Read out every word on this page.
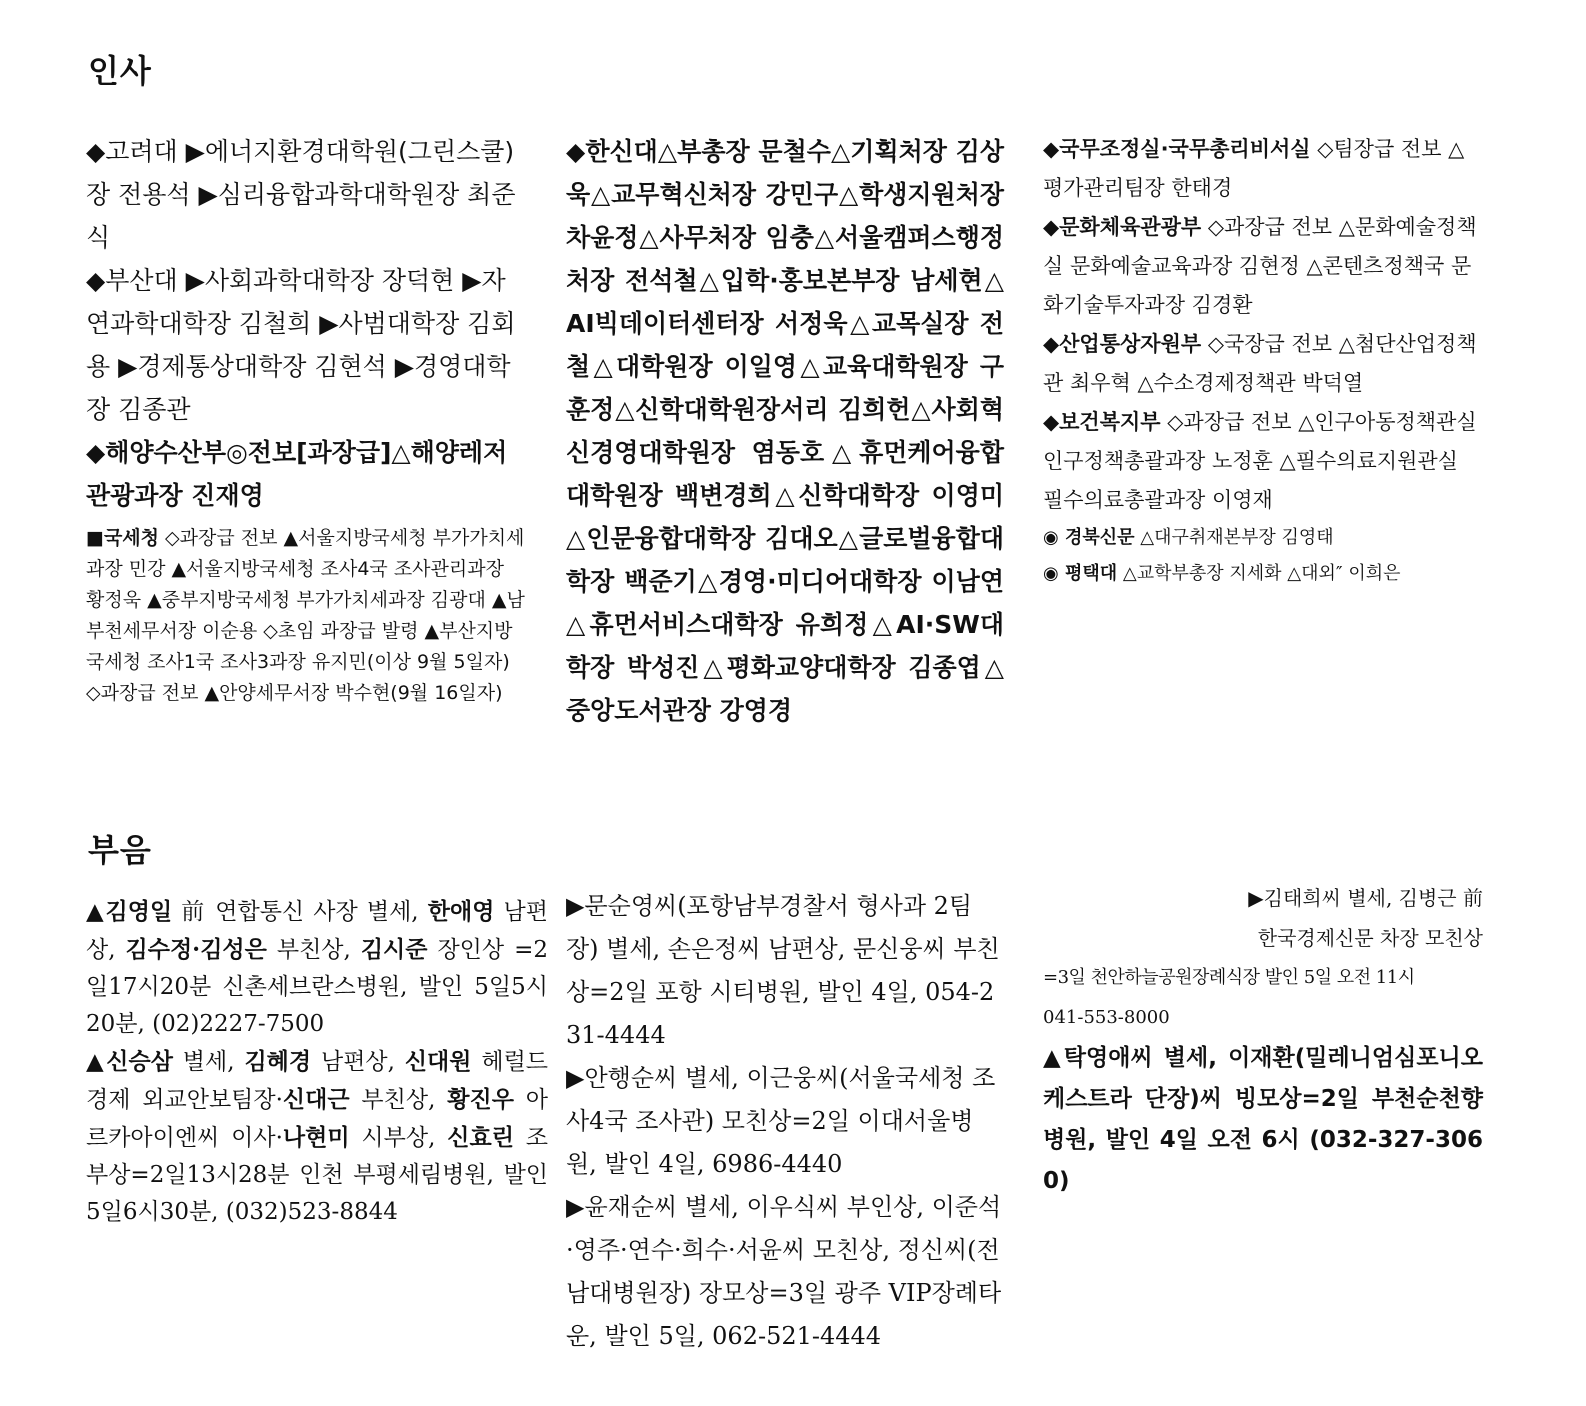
인사

◆고려대 ▶에너지환경대학원(그린스쿨)장 전용석 ▶심리융합과학대학원장 최준식

◆부산대 ▶사회과학대학장 장덕현 ▶자연과학대학장 김철희 ▶사범대학장 김회용 ▶경제통상대학장 김현석 ▶경영대학장 김종관

◆해양수산부◎전보[과장급]△해양레저관광과장 진재영

■국세청 ◇과장급 전보 ▲서울지방국세청 부가가치세과장 민강 ▲서울지방국세청 조사4국 조사관리과장 황정욱 ▲중부지방국세청 부가가치세과장 김광대 ▲남부천세무서장 이순용 ◇초임 과장급 발령 ▲부산지방국세청 조사1국 조사3과장 유지민(이상 9월 5일자) ◇과장급 전보 ▲안양세무서장 박수현(9월 16일자)

◆한신대△부총장 문철수△기획처장 김상욱△교무혁신처장 강민구△학생지원처장 차윤정△사무처장 임충△서울캠퍼스행정처장 전석철△입학·홍보본부장 남세현△AI빅데이터센터장 서정욱△교목실장 전철△대학원장 이일영△교육대학원장 구훈정△신학대학원장서리 김희헌△사회혁신경영대학원장 염동호△휴먼케어융합대학원장 백변경희△신학대학장 이영미△인문융합대학장 김대오△글로벌융합대학장 백준기△경영·미디어대학장 이남연△휴먼서비스대학장 유희정△AI·SW대학장 박성진△평화교양대학장 김종엽△중앙도서관장 강영경

◆국무조정실·국무총리비서실 ◇팀장급 전보 △평가관리팀장 한태경

◆문화체육관광부 ◇과장급 전보 △문화예술정책실 문화예술교육과장 김현정 △콘텐츠정책국 문화기술투자과장 김경환

◆산업통상자원부 ◇국장급 전보 △첨단산업정책관 최우혁 △수소경제정책관 박덕열

◆보건복지부 ◇과장급 전보 △인구아동정책관실 인구정책총괄과장 노정훈 △필수의료지원관실 필수의료총괄과장 이영재

◉ 경북신문 △대구취재본부장 김영태

◉ 평택대 △교학부총장 지세화 △대외″ 이희은

부음

▲김영일 前 연합통신 사장 별세, 한애영 남편상, 김수정·김성은 부친상, 김시준 장인상 =2일17시20분 신촌세브란스병원, 발인 5일5시20분, (02)2227-7500

▲신승삼 별세, 김혜경 남편상, 신대원 헤럴드경제 외교안보팀장·신대근 부친상, 황진우 아르카아이엔씨 이사·나현미 시부상, 신효린 조부상=2일13시28분 인천 부평세림병원, 발인 5일6시30분, (032)523-8844

▶문순영씨(포항남부경찰서 형사과 2팀장) 별세, 손은정씨 남편상, 문신웅씨 부친상=2일 포항 시티병원, 발인 4일, 054-231-4444

▶안행순씨 별세, 이근웅씨(서울국세청 조사4국 조사관) 모친상=2일 이대서울병원, 발인 4일, 6986-4440

▶윤재순씨 별세, 이우식씨 부인상, 이준석·영주·연수·희수·서윤씨 모친상, 정신씨(전남대병원장) 장모상=3일 광주 VIP장례타운, 발인 5일, 062-521-4444

▶김태희씨 별세, 김병근 前

한국경제신문 차장 모친상

=3일 천안하늘공원장례식장 발인 5일 오전 11시

041-553-8000

▲탁영애씨 별세, 이재환(밀레니엄심포니오케스트라 단장)씨 빙모상=2일 부천순천향병원, 발인 4일 오전 6시 (032-327-3060)
